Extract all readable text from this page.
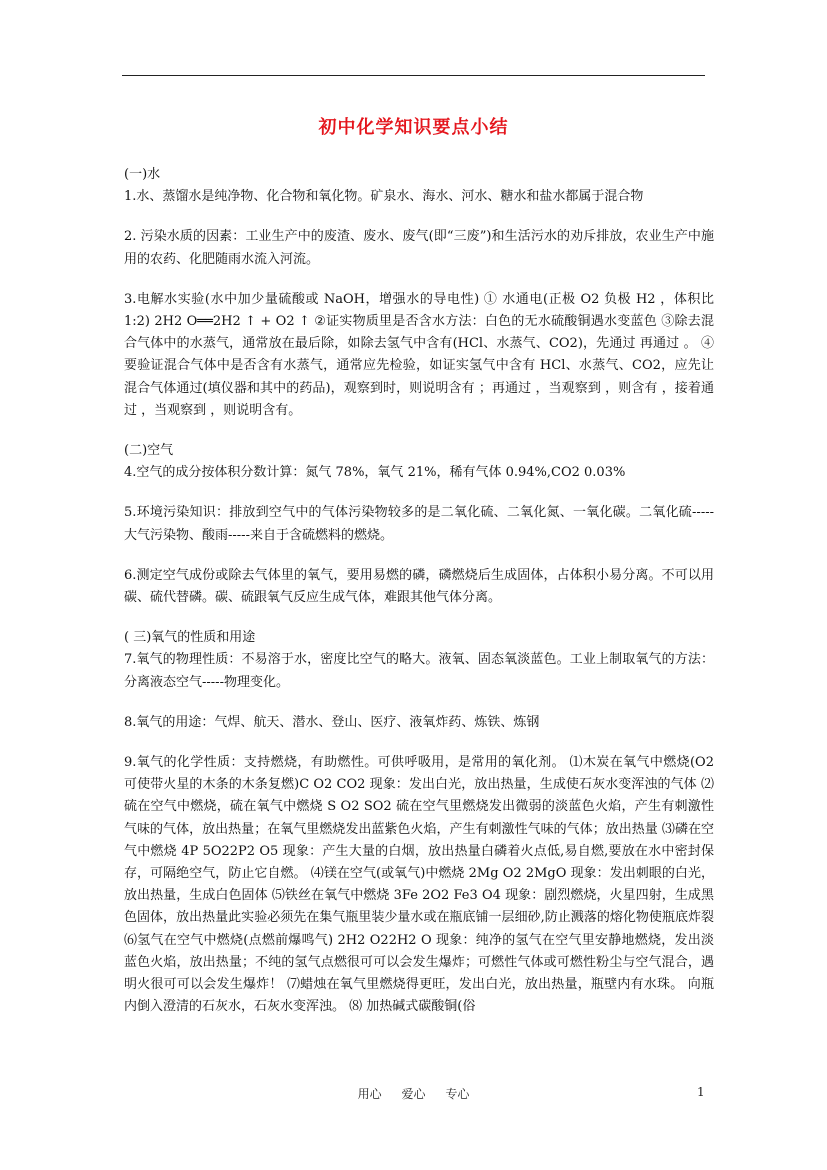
初中化学知识要点小结

(一)水

1.水、蒸馏水是纯净物、化合物和氧化物。矿泉水、海水、河水、糖水和盐水都属于混合物

2. 污染水质的因素：工业生产中的废渣、废水、废气(即“三废”)和生活污水的劝斥排放，农业生产中施用的农药、化肥随雨水流入河流。

3.电解水实验(水中加少量硫酸或 NaOH，增强水的导电性) ① 水通电(正极 O2 负极 H2 ，体积比 1:2) 2H2 O══2H2 ↑ + O2 ↑ ②证实物质里是否含水方法：白色的无水硫酸铜遇水变蓝色 ③除去混合气体中的水蒸气，通常放在最后除，如除去氢气中含有(HCl、水蒸气、CO2)，先通过 再通过 。 ④要验证混合气体中是否含有水蒸气，通常应先检验，如证实氢气中含有 HCl、水蒸气、CO2，应先让混合气体通过(填仪器和其中的药品)，观察到时，则说明含有 ；再通过 ，当观察到 ，则含有 ，接着通过 ，当观察到 ，则说明含有。

(二)空气

4.空气的成分按体积分数计算：氮气 78%，氧气 21%，稀有气体 0.94%,CO2 0.03%

5.环境污染知识：排放到空气中的气体污染物较多的是二氧化硫、二氧化氮、一氧化碳。二氧化硫-----大气污染物、酸雨-----来自于含硫燃料的燃烧。

6.测定空气成份或除去气体里的氧气，要用易燃的磷，磷燃烧后生成固体，占体积小易分离。不可以用碳、硫代替磷。碳、硫跟氧气反应生成气体，难跟其他气体分离。

( 三)氧气的性质和用途

7.氧气的物理性质：不易溶于水，密度比空气的略大。液氧、固态氧淡蓝色。工业上制取氧气的方法：分离液态空气-----物理变化。

8.氧气的用途：气焊、航天、潜水、登山、医疗、液氧炸药、炼铁、炼钢

9.氧气的化学性质：支持燃烧，有助燃性。可供呼吸用，是常用的氧化剂。 ⑴木炭在氧气中燃烧(O2 可使带火星的木条的木条复燃)C O2 CO2 现象：发出白光，放出热量，生成使石灰水变浑浊的气体 ⑵硫在空气中燃烧，硫在氧气中燃烧 S O2 SO2 硫在空气里燃烧发出微弱的淡蓝色火焰，产生有刺激性气味的气体，放出热量；在氧气里燃烧发出蓝紫色火焰，产生有刺激性气味的气体；放出热量 ⑶磷在空气中燃烧 4P 5O22P2 O5 现象：产生大量的白烟，放出热量白磷着火点低,易自燃,要放在水中密封保存，可隔绝空气，防止它自燃。 ⑷镁在空气(或氧气)中燃烧 2Mg O2 2MgO 现象：发出刺眼的白光，放出热量，生成白色固体 ⑸铁丝在氧气中燃烧 3Fe 2O2 Fe3 O4 现象：剧烈燃烧，火星四射，生成黑色固体，放出热量此实验必须先在集气瓶里装少量水或在瓶底铺一层细砂,防止溅落的熔化物使瓶底炸裂 ⑹氢气在空气中燃烧(点燃前爆鸣气) 2H2 O22H2 O 现象：纯净的氢气在空气里安静地燃烧，发出淡蓝色火焰，放出热量；不纯的氢气点燃很可可以会发生爆炸；可燃性气体或可燃性粉尘与空气混合，遇明火很可可以会发生爆炸！ ⑺蜡烛在氧气里燃烧得更旺，发出白光，放出热量，瓶壁内有水珠。 向瓶内倒入澄清的石灰水，石灰水变浑浊。 ⑻ 加热碱式碳酸铜(俗

用心 爱心 专心	1
